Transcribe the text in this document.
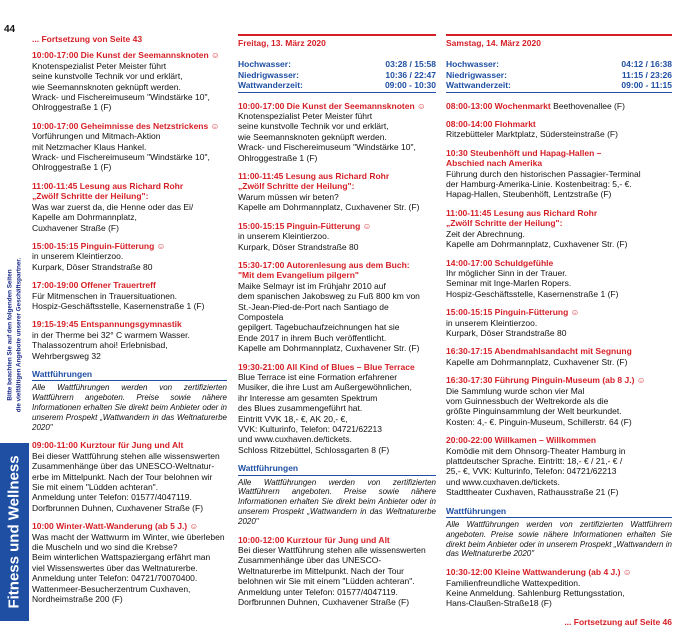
44
Bitte beachten Sie auf den folgenden Seiten die vielfältigen Angebote unserer Geschäftspartner.
Fitness und Wellness
... Fortsetzung von Seite 43
10:00-17:00 Die Kunst der Seemannsknoten ☺
Knotenspezialist Peter Meister führt
seine kunstvolle Technik vor und erklärt,
wie Seemannsknoten geknüpft werden.
Wrack- und Fischereimuseum "Windstärke 10",
Ohlroggestraße 1 (F)
10:00-17:00 Geheimnisse des Netzstrickens ☺
Vorführungen und Mitmach-Aktion
mit Netzmacher Klaus Hankel.
Wrack- und Fischereimuseum "Windstärke 10",
Ohlroggestraße 1 (F)
11:00-11:45 Lesung aus Richard Rohr
„Zwölf Schritte der Heilung":
Was war zuerst da, die Henne oder das Ei/
Kapelle am Dohrmannplatz,
Cuxhavener Straße (F)
15:00-15:15 Pinguin-Fütterung ☺
in unserem Kleintierzoo.
Kurpark, Döser Strandstraße 80
17:00-19:00 Offener Trauertreff
Für Mitmenschen in Trauersituationen.
Hospiz-Geschäftsstelle, Kasernenstraße 1 (F)
19:15-19:45 Entspannungsgymnastik
in der Therme bei 32° C warmem Wasser.
Thalassozentrum ahoi! Erlebnisbad,
Wehrbergsweg 32
Wattführungen
Alle Wattführungen werden von zertifizierten Wattführern angeboten. Preise sowie nähere Informationen erhalten Sie direkt beim Anbieter oder in unserem Prospekt „Wattwandern in das Weltnaturerbe 2020"
09:00-11:00 Kurztour für Jung und Alt
Bei dieser Wattführung stehen alle wissenswerten
Zusammenhänge über das UNESCO-Weltnatur-
erbe im Mittelpunkt. Nach der Tour belohnen wir
Sie mit einem "Lüdden achteran".
Anmeldung unter Telefon: 01577/4047119.
Dorfbrunnen Duhnen, Cuxhavener Straße (F)
10:00 Winter-Watt-Wanderung (ab 5 J.) ☺
Was macht der Wattwurm im Winter, wie überleben
die Muscheln und wo sind die Krebse?
Beim winterlichen Wattspaziergang erfährt man
viel Wissenswertes über das Weltnaturerbe.
Anmeldung unter Telefon: 04721/70070400.
Wattenmeer-Besucherzentrum Cuxhaven,
Nordheimstraße 200 (F)
Freitag, 13. März 2020
Hochwasser:	03:28 / 15:58
Niedrigwasser:	10:36 / 22:47
Wattwanderzeit:	09:00 - 10:30
10:00-17:00 Die Kunst der Seemannsknoten ☺
Knotenspezialist Peter Meister führt
seine kunstvolle Technik vor und erklärt,
wie Seemannsknoten geknüpft werden.
Wrack- und Fischereimuseum "Windstärke 10",
Ohlroggestraße 1 (F)
11:00-11:45 Lesung aus Richard Rohr
„Zwölf Schritte der Heilung":
Warum müssen wir beten?
Kapelle am Dohrmannplatz, Cuxhavener Str. (F)
15:00-15:15 Pinguin-Fütterung ☺
in unserem Kleintierzoo.
Kurpark, Döser Strandstraße 80
15:30-17:00 Autorenlesung aus dem Buch:
"Mit dem Evangelium pilgern"
Maike Selmayr ist im Frühjahr 2010 auf
dem spanischen Jakobsweg zu Fuß 800 km von
St.-Jean-Pied-de-Port nach Santiago de Compostela
gepilgert. Tagebuchaufzeichnungen hat sie
Ende 2017 in ihrem Buch veröffentlicht.
Kapelle am Dohrmannplatz, Cuxhavener Str. (F)
19:30-21:00 All Kind of Blues – Blue Terrace
Blue Terrace ist eine Formation erfahrener
Musiker, die ihre Lust am Außergewöhnlichen,
ihr Interesse am gesamten Spektrum
des Blues zusammengeführt hat.
Eintritt VVK 18,- €, AK 20,- €,
VVK: Kulturinfo, Telefon: 04721/62213
und www.cuxhaven.de/tickets.
Schloss Ritzebüttel, Schlossgarten 8 (F)
Wattführungen
Alle Wattführungen werden von zertifizierten Wattführern angeboten. Preise sowie nähere Informationen erhalten Sie direkt beim Anbieter oder in unserem Prospekt „Wattwandern in das Weltnaturerbe 2020"
10:00-12:00 Kurztour für Jung und Alt
Bei dieser Wattführung stehen alle wissenswerten
Zusammenhänge über das UNESCO-
Weltnaturerbe im Mittelpunkt. Nach der Tour
belohnen wir Sie mit einem "Lüdden achteran".
Anmeldung unter Telefon: 01577/4047119.
Dorfbrunnen Duhnen, Cuxhavener Straße (F)
Samstag, 14. März 2020
Hochwasser:	04:12 / 16:38
Niedrigwasser:	11:15 / 23:26
Wattwanderzeit:	09:00 - 11:15
08:00-13:00 Wochenmarkt Beethovenallee (F)
08:00-14:00 Flohmarkt
Ritzebütteler Marktplatz, Südersteinstraße (F)
10:30 Steubenhöft und Hapag-Hallen –
Abschied nach Amerika
Führung durch den historischen Passagier-Terminal
der Hamburg-Amerika-Linie. Kostenbeitrag: 5,- €.
Hapag-Hallen, Steubenhöft, Lentzstraße (F)
11:00-11:45 Lesung aus Richard Rohr
„Zwölf Schritte der Heilung":
Zeit der Abrechnung.
Kapelle am Dohrmannplatz, Cuxhavener Str. (F)
14:00-17:00 Schuldgefühle
Ihr möglicher Sinn in der Trauer.
Seminar mit Inge-Marlen Ropers.
Hospiz-Geschäftsstelle, Kasernenstraße 1 (F)
15:00-15:15 Pinguin-Fütterung ☺
in unserem Kleintierzoo.
Kurpark, Döser Strandstraße 80
16:30-17:15 Abendmahlsandacht mit Segnung
Kapelle am Dohrmannplatz, Cuxhavener Str. (F)
16:30-17:30 Führung Pinguin-Museum (ab 8 J.) ☺
Die Sammlung wurde schon vier Mal
vom Guinnessbuch der Weltrekorde als die
größte Pinguinsammlung der Welt beurkundet.
Kosten: 4,- €. Pinguin-Museum, Schillerstr. 64 (F)
20:00-22:00 Willkamen – Willkommen
Komödie mit dem Ohnsorg-Theater Hamburg in
plattdeutscher Sprache. Eintritt: 18,- € / 21,- € /
25,- €, VVK: Kulturinfo, Telefon: 04721/62213
und www.cuxhaven.de/tickets.
Stadttheater Cuxhaven, Rathausstraße 21 (F)
Wattführungen
Alle Wattführungen werden von zertifizierten Wattführern angeboten. Preise sowie nähere Informationen erhalten Sie direkt beim Anbieter oder in unserem Prospekt „Wattwandern in das Weltnaturerbe 2020"
10:30-12:00 Kleine Wattwanderung (ab 4 J.) ☺
Familienfreundliche Wattexpedition.
Keine Anmeldung. Sahlenburg Rettungsstation,
Hans-Claußen-Straße18 (F)
... Fortsetzung auf Seite 46
